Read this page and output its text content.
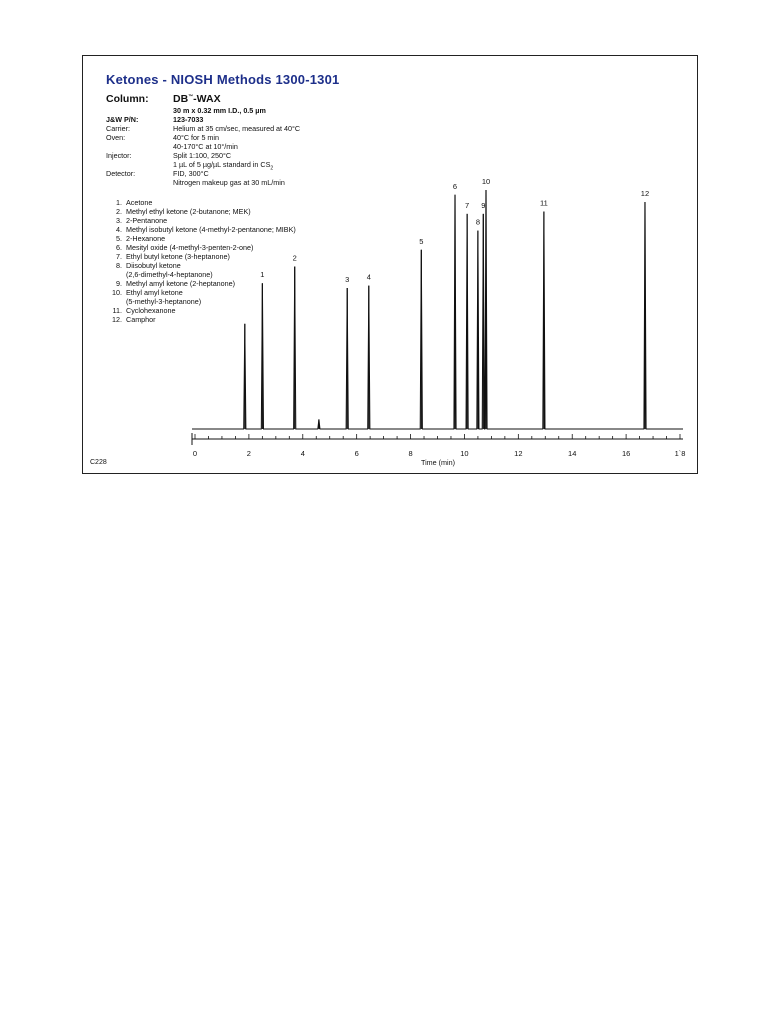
Ketones - NIOSH Methods 1300-1301
Column: DB™-WAX
30 m x 0.32 mm I.D., 0.5 µm
J&W P/N:	123-7033
Carrier:	Helium at 35 cm/sec, measured at 40°C
Oven:	40°C for 5 min
40-170°C at 10°/min
Injector:	Split 1:100, 250°C
1 µL of 5 µg/µL standard in $CS_2$
Detector:	FID, 300°C
Nitrogen makeup gas at 30 mL/min
1. Acetone
2. Methyl ethyl ketone (2-butanone; MEK)
3. 2-Pentanone
4. Methyl isobutyl ketone (4-methyl-2-pentanone; MIBK)
5. 2-Hexanone
6. Mesityl oxide (4-methyl-3-penten-2-one)
7. Ethyl butyl ketone (3-heptanone)
8. Diisobutyl ketone
(2,6-dimethyl-4-heptanone)
9. Methyl amyl ketone (2-heptanone)
10. Ethyl amyl ketone
(5-methyl-3-heptanone)
11. Cyclohexanone
12. Camphor
1
2
3 4
5
6
7
8
9
10
11
12
0	2	4	6	8	10	12	14	16	1`8
Time (min)
C228
